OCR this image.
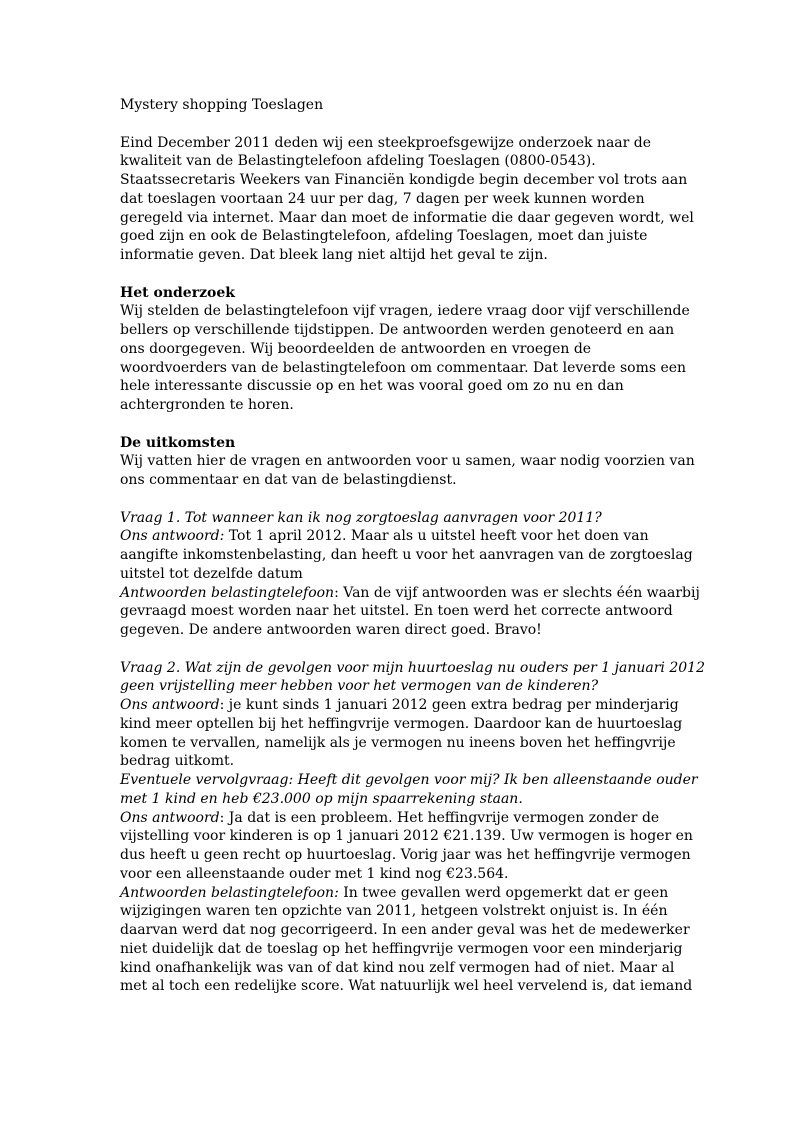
Mystery shopping Toeslagen
Eind December 2011 deden wij een steekproefsgewijze onderzoek naar de
kwaliteit van de Belastingtelefoon afdeling Toeslagen (0800-0543).
Staatssecretaris Weekers van Financiën kondigde begin december vol trots aan
dat toeslagen voortaan 24 uur per dag, 7 dagen per week kunnen worden
geregeld via internet. Maar dan moet de informatie die daar gegeven wordt, wel
goed zijn en ook de Belastingtelefoon, afdeling Toeslagen, moet dan juiste
informatie geven. Dat bleek lang niet altijd het geval te zijn.
Het onderzoek
Wij stelden de belastingtelefoon vijf vragen, iedere vraag door vijf verschillende
bellers op verschillende tijdstippen. De antwoorden werden genoteerd en aan
ons doorgegeven. Wij beoordeelden de antwoorden en vroegen de
woordvoerders van de belastingtelefoon om commentaar. Dat leverde soms een
hele interessante discussie op en het was vooral goed om zo nu en dan
achtergronden te horen.
De uitkomsten
Wij vatten hier de vragen en antwoorden voor u samen, waar nodig voorzien van
ons commentaar en dat van de belastingdienst.
Vraag 1. Tot wanneer kan ik nog zorgtoeslag aanvragen voor 2011?
Ons antwoord: Tot 1 april 2012. Maar als u uitstel heeft voor het doen van
aangifte inkomstenbelasting, dan heeft u voor het aanvragen van de zorgtoeslag
uitstel tot dezelfde datum
Antwoorden belastingtelefoon: Van de vijf antwoorden was er slechts één waarbij
gevraagd moest worden naar het uitstel. En toen werd het correcte antwoord
gegeven. De andere antwoorden waren direct goed. Bravo!
Vraag 2. Wat zijn de gevolgen voor mijn huurtoeslag nu ouders per 1 januari 2012
geen vrijstelling meer hebben voor het vermogen van de kinderen?
Ons antwoord: je kunt sinds 1 januari 2012 geen extra bedrag per minderjarig
kind meer optellen bij het heffingvrije vermogen. Daardoor kan de huurtoeslag
komen te vervallen, namelijk als je vermogen nu ineens boven het heffingvrije
bedrag uitkomt.
Eventuele vervolgvraag: Heeft dit gevolgen voor mij? Ik ben alleenstaande ouder
met 1 kind en heb €23.000 op mijn spaarrekening staan.
Ons antwoord: Ja dat is een probleem. Het heffingvrije vermogen zonder de
vijstelling voor kinderen is op 1 januari 2012 €21.139. Uw vermogen is hoger en
dus heeft u geen recht op huurtoeslag. Vorig jaar was het heffingvrije vermogen
voor een alleenstaande ouder met 1 kind nog €23.564.
Antwoorden belastingtelefoon: In twee gevallen werd opgemerkt dat er geen
wijzigingen waren ten opzichte van 2011, hetgeen volstrekt onjuist is. In één
daarvan werd dat nog gecorrigeerd. In een ander geval was het de medewerker
niet duidelijk dat de toeslag op het heffingvrije vermogen voor een minderjarig
kind onafhankelijk was van of dat kind nou zelf vermogen had of niet. Maar al
met al toch een redelijke score. Wat natuurlijk wel heel vervelend is, dat iemand
